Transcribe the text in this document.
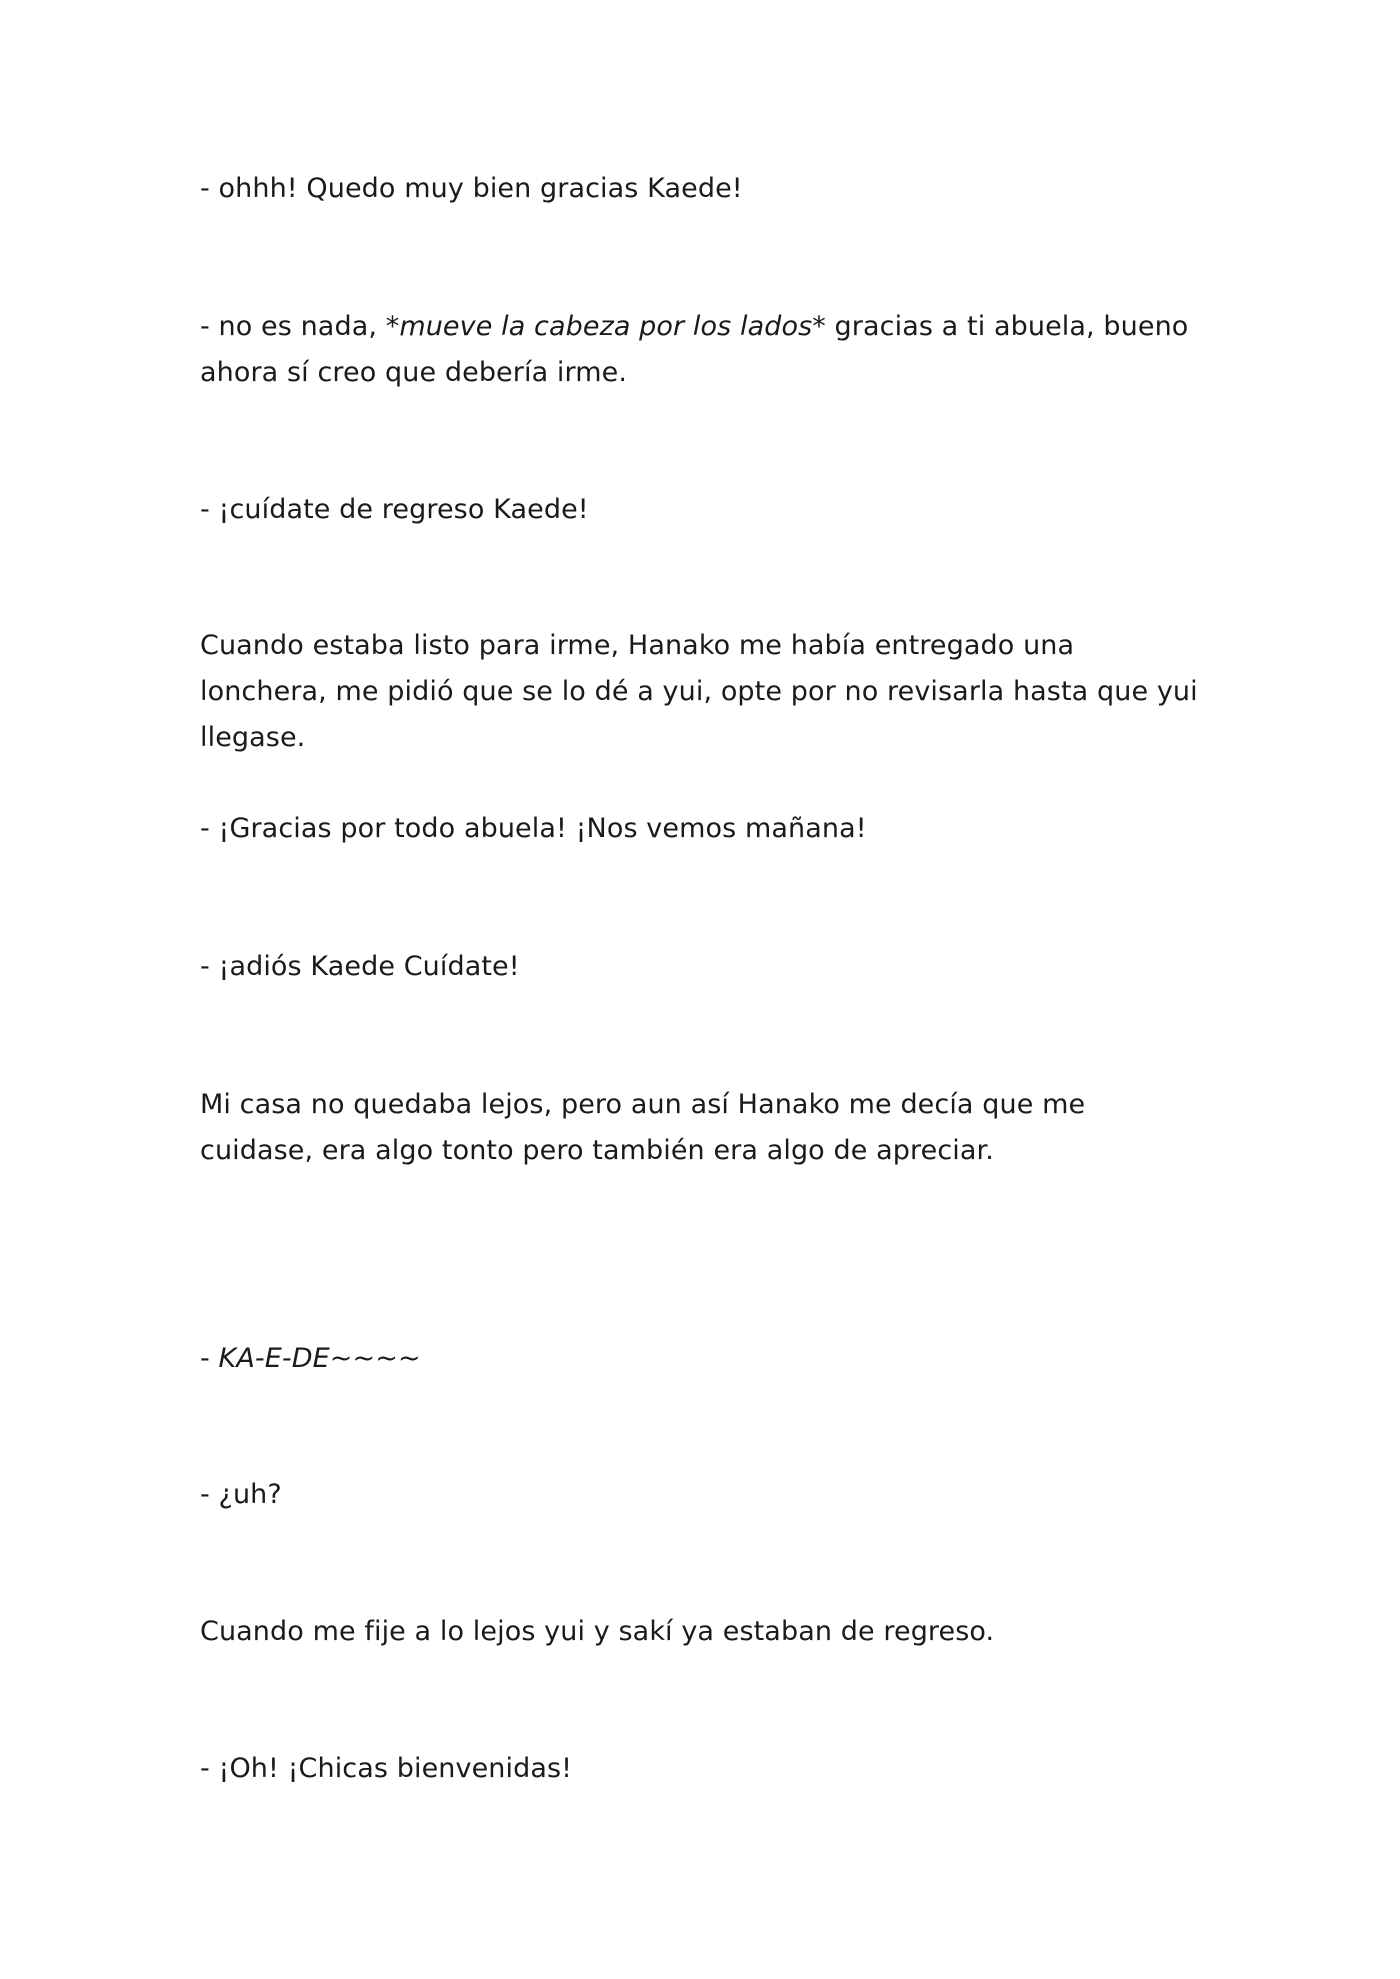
- ohhh! Quedo muy bien gracias Kaede!

- no es nada, *mueve la cabeza por los lados* gracias a ti abuela, bueno ahora sí creo que debería irme.

- ¡cuídate de regreso Kaede!

Cuando estaba listo para irme, Hanako me había entregado una lonchera, me pidió que se lo dé a yui, opte por no revisarla hasta que yui llegase.

- ¡Gracias por todo abuela! ¡Nos vemos mañana!

- ¡adiós Kaede Cuídate!

Mi casa no quedaba lejos, pero aun así Hanako me decía que me cuidase, era algo tonto pero también era algo de apreciar.

- KA-E-DE~~~~

- ¿uh?

Cuando me fije a lo lejos yui y sakí ya estaban de regreso.

- ¡Oh! ¡Chicas bienvenidas!
